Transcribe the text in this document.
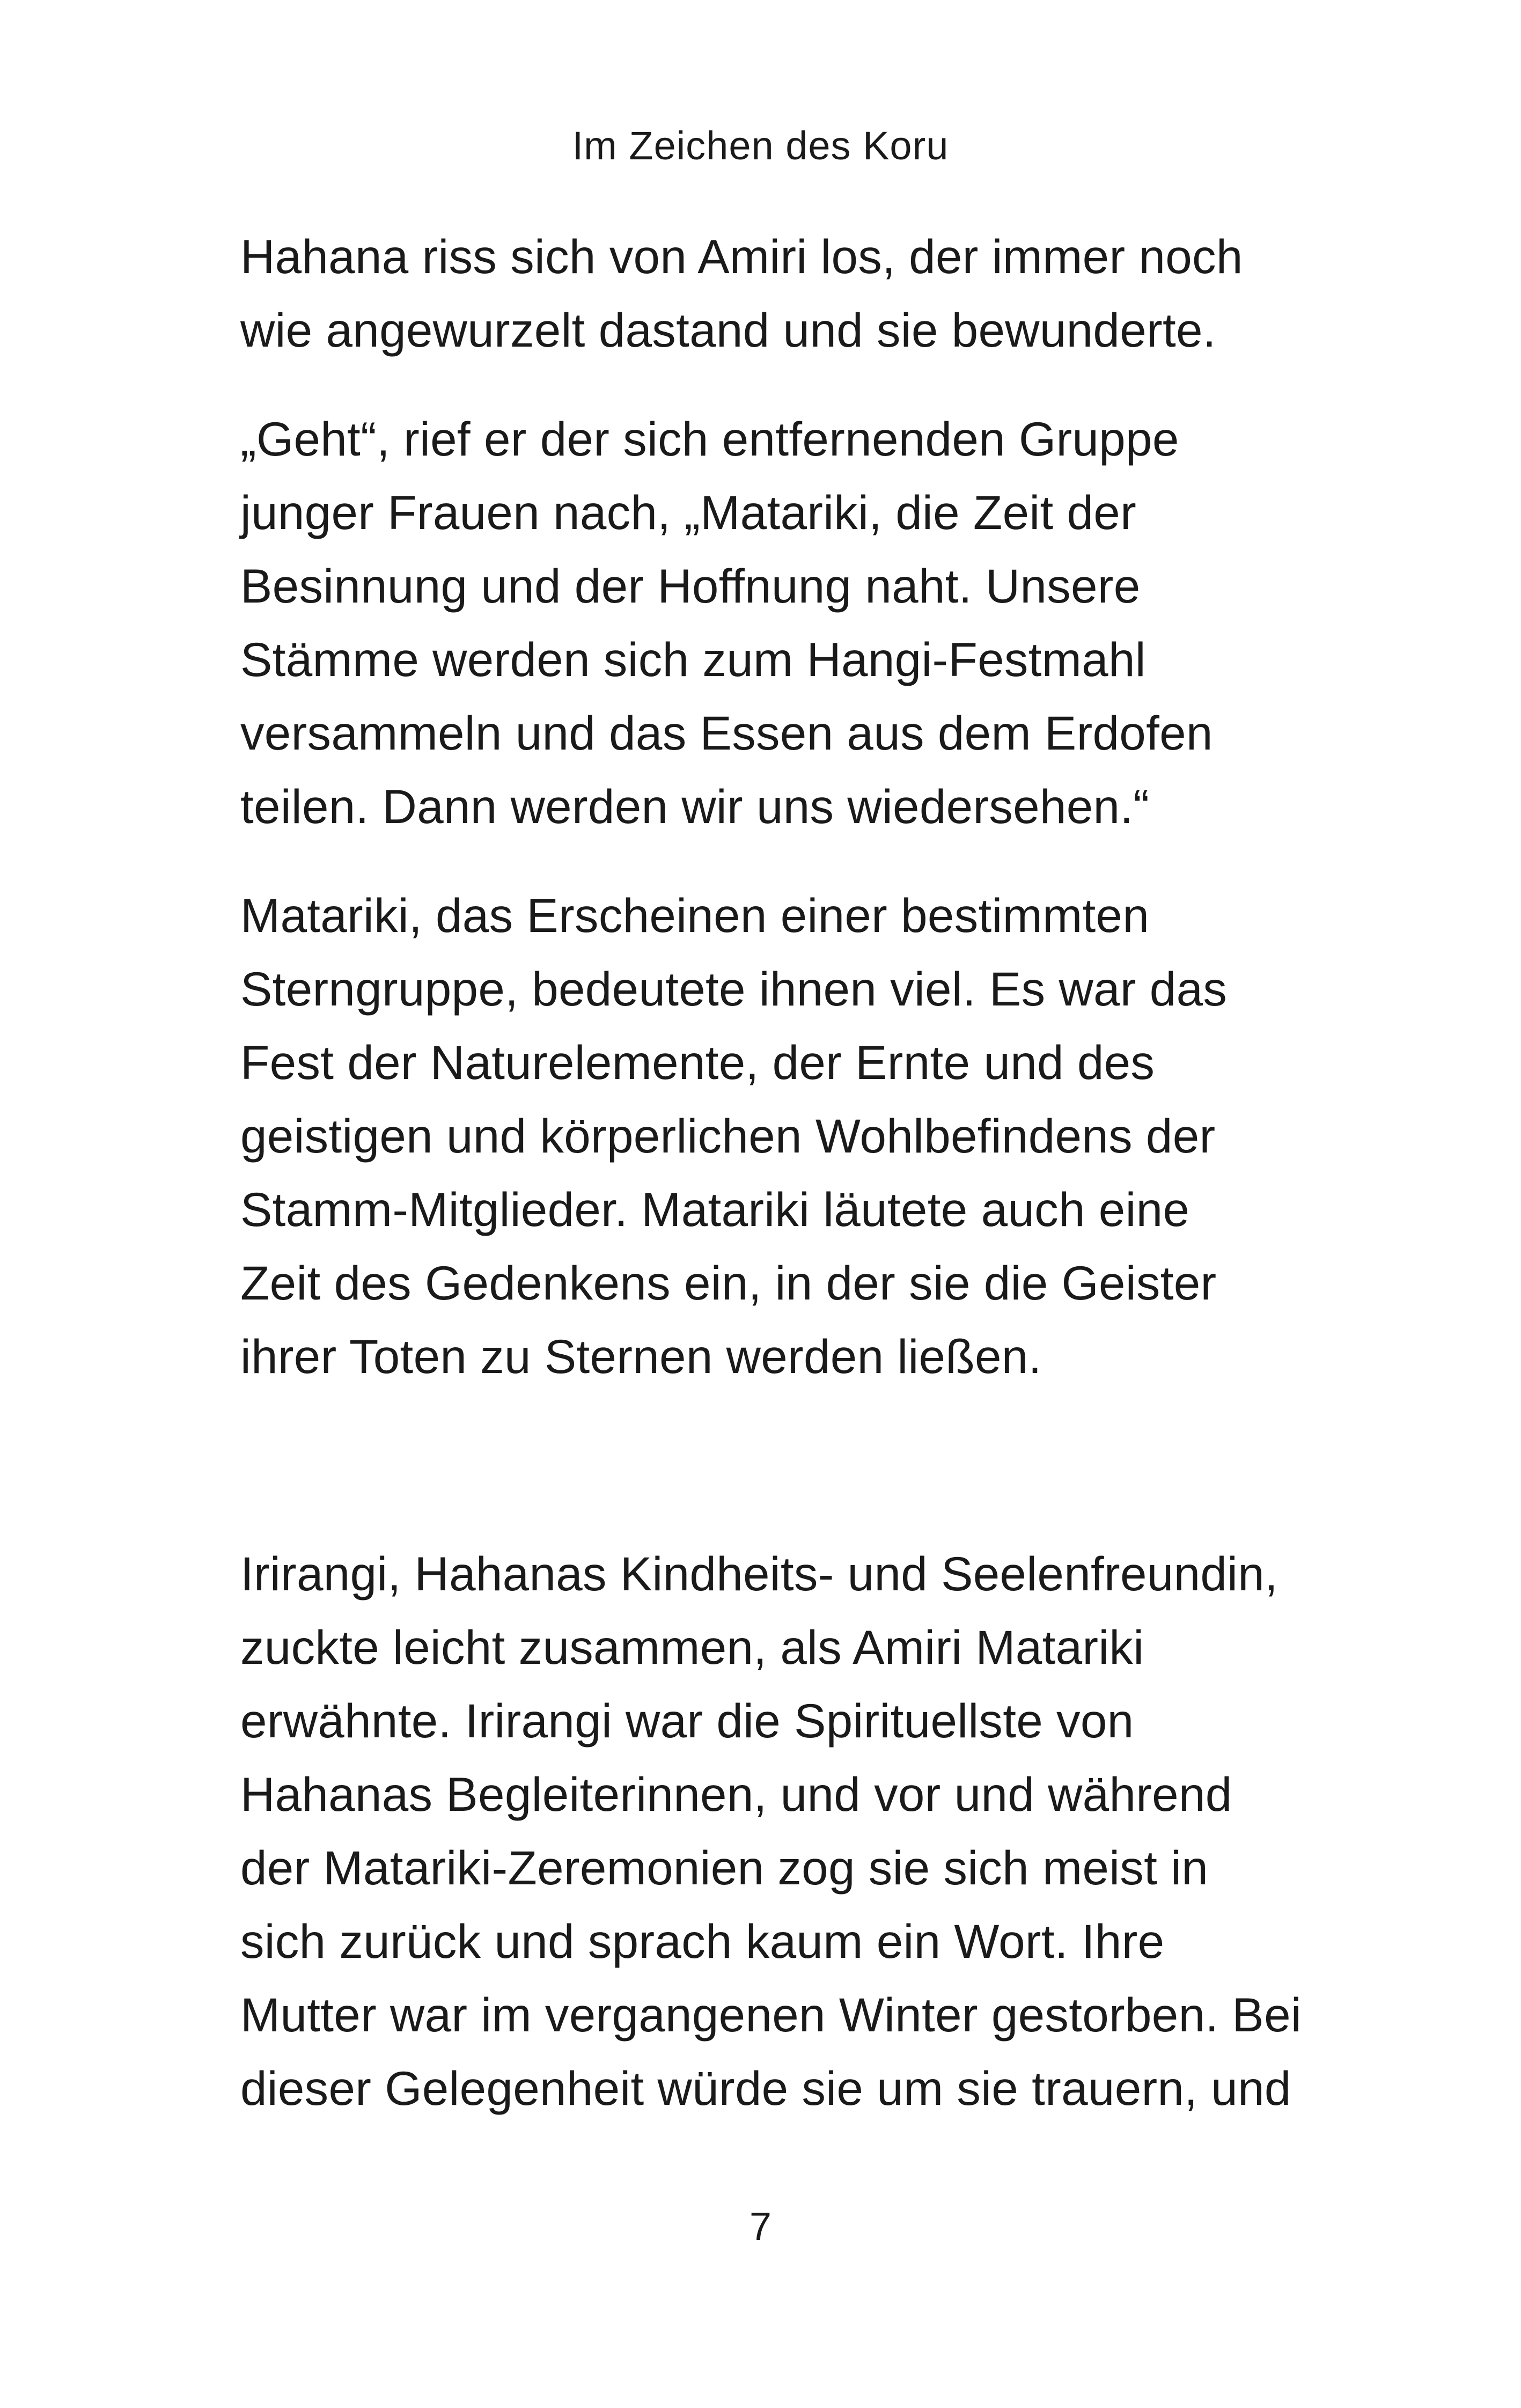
Im Zeichen des Koru

Hahana riss sich von Amiri los, der immer noch
wie angewurzelt dastand und sie bewunderte.

„Geht“, rief er der sich entfernenden Gruppe
junger Frauen nach, „Matariki, die Zeit der
Besinnung und der Hoffnung naht. Unsere
Stämme werden sich zum Hangi-Festmahl
versammeln und das Essen aus dem Erdofen
teilen. Dann werden wir uns wiedersehen.“

Matariki, das Erscheinen einer bestimmten
Sterngruppe, bedeutete ihnen viel. Es war das
Fest der Naturelemente, der Ernte und des
geistigen und körperlichen Wohlbefindens der
Stamm-Mitglieder. Matariki läutete auch eine
Zeit des Gedenkens ein, in der sie die Geister
ihrer Toten zu Sternen werden ließen.

Irirangi, Hahanas Kindheits- und Seelenfreundin,
zuckte leicht zusammen, als Amiri Matariki
erwähnte. Irirangi war die Spirituellste von
Hahanas Begleiterinnen, und vor und während
der Matariki-Zeremonien zog sie sich meist in
sich zurück und sprach kaum ein Wort. Ihre
Mutter war im vergangenen Winter gestorben. Bei
dieser Gelegenheit würde sie um sie trauern, und

7
